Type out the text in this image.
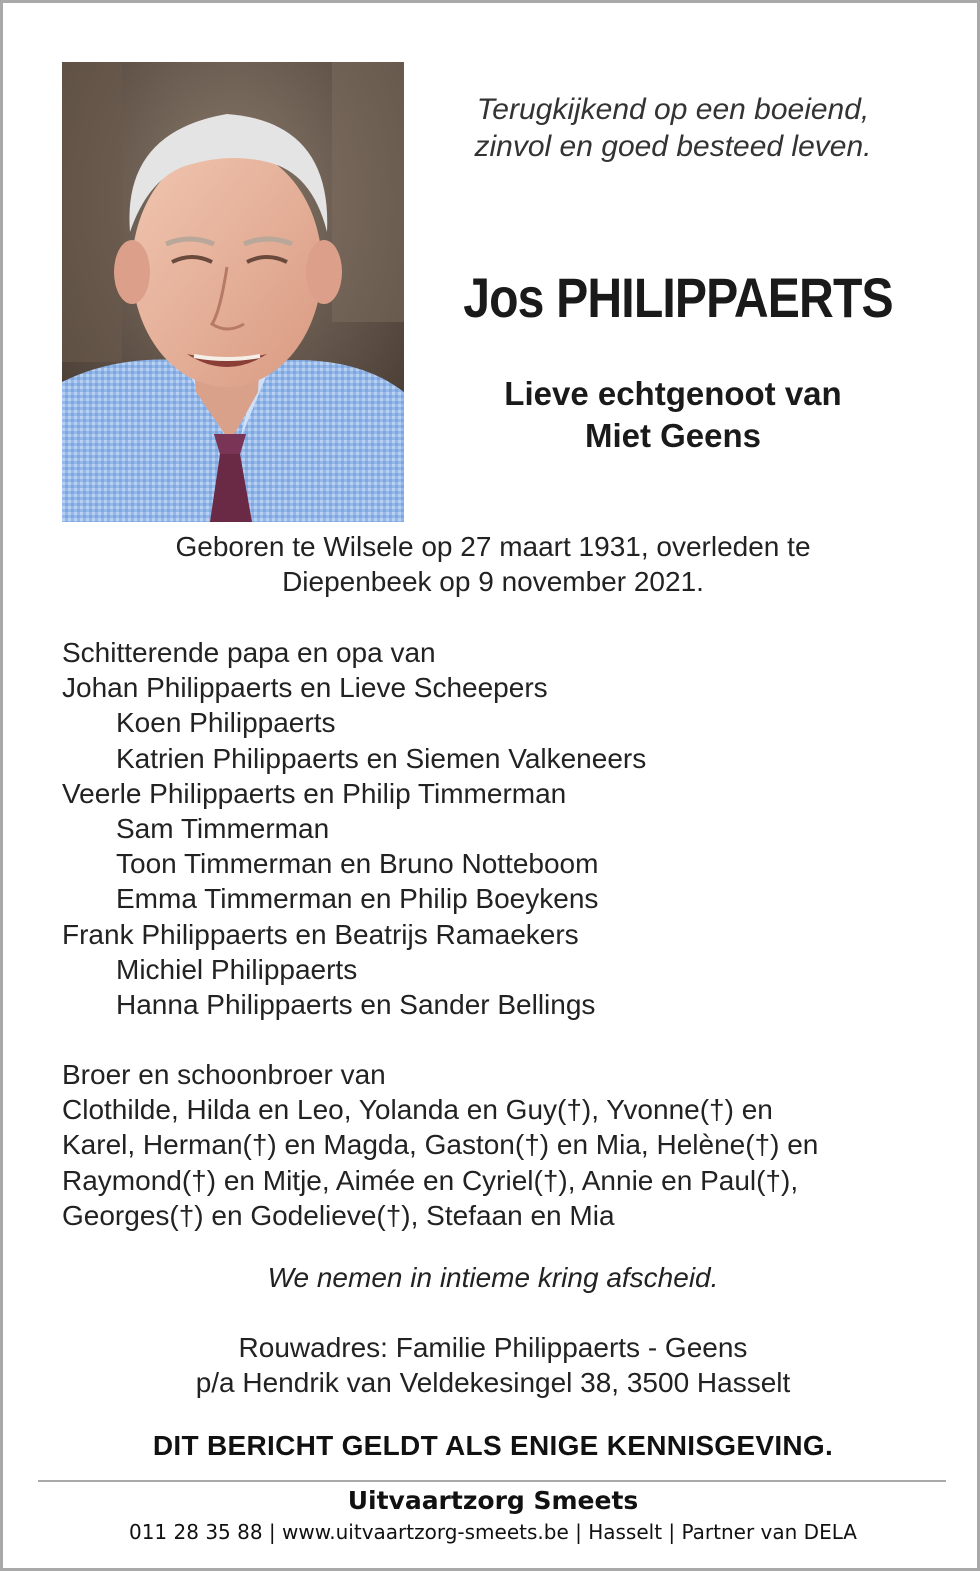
Terugkijkend op een boeiend,
zinvol en goed besteed leven.
Jos PHILIPPAERTS
Lieve echtgenoot van
Miet Geens
Geboren te Wilsele op 27 maart 1931, overleden te
Diepenbeek op 9 november 2021.
Schitterende papa en opa van
Johan Philippaerts en Lieve Scheepers
Koen Philippaerts
Katrien Philippaerts en Siemen Valkeneers
Veerle Philippaerts en Philip Timmerman
Sam Timmerman
Toon Timmerman en Bruno Notteboom
Emma Timmerman en Philip Boeykens
Frank Philippaerts en Beatrijs Ramaekers
Michiel Philippaerts
Hanna Philippaerts en Sander Bellings
Broer en schoonbroer van
Clothilde, Hilda en Leo, Yolanda en Guy(†), Yvonne(†) en
Karel, Herman(†) en Magda, Gaston(†) en Mia, Helène(†) en
Raymond(†) en Mitje, Aimée en Cyriel(†), Annie en Paul(†),
Georges(†) en Godelieve(†), Stefaan en Mia
We nemen in intieme kring afscheid.
Rouwadres: Familie Philippaerts - Geens
p/a Hendrik van Veldekesingel 38, 3500 Hasselt
DIT BERICHT GELDT ALS ENIGE KENNISGEVING.
Uitvaartzorg Smeets
011 28 35 88 | www.uitvaartzorg-smeets.be | Hasselt | Partner van DELA
